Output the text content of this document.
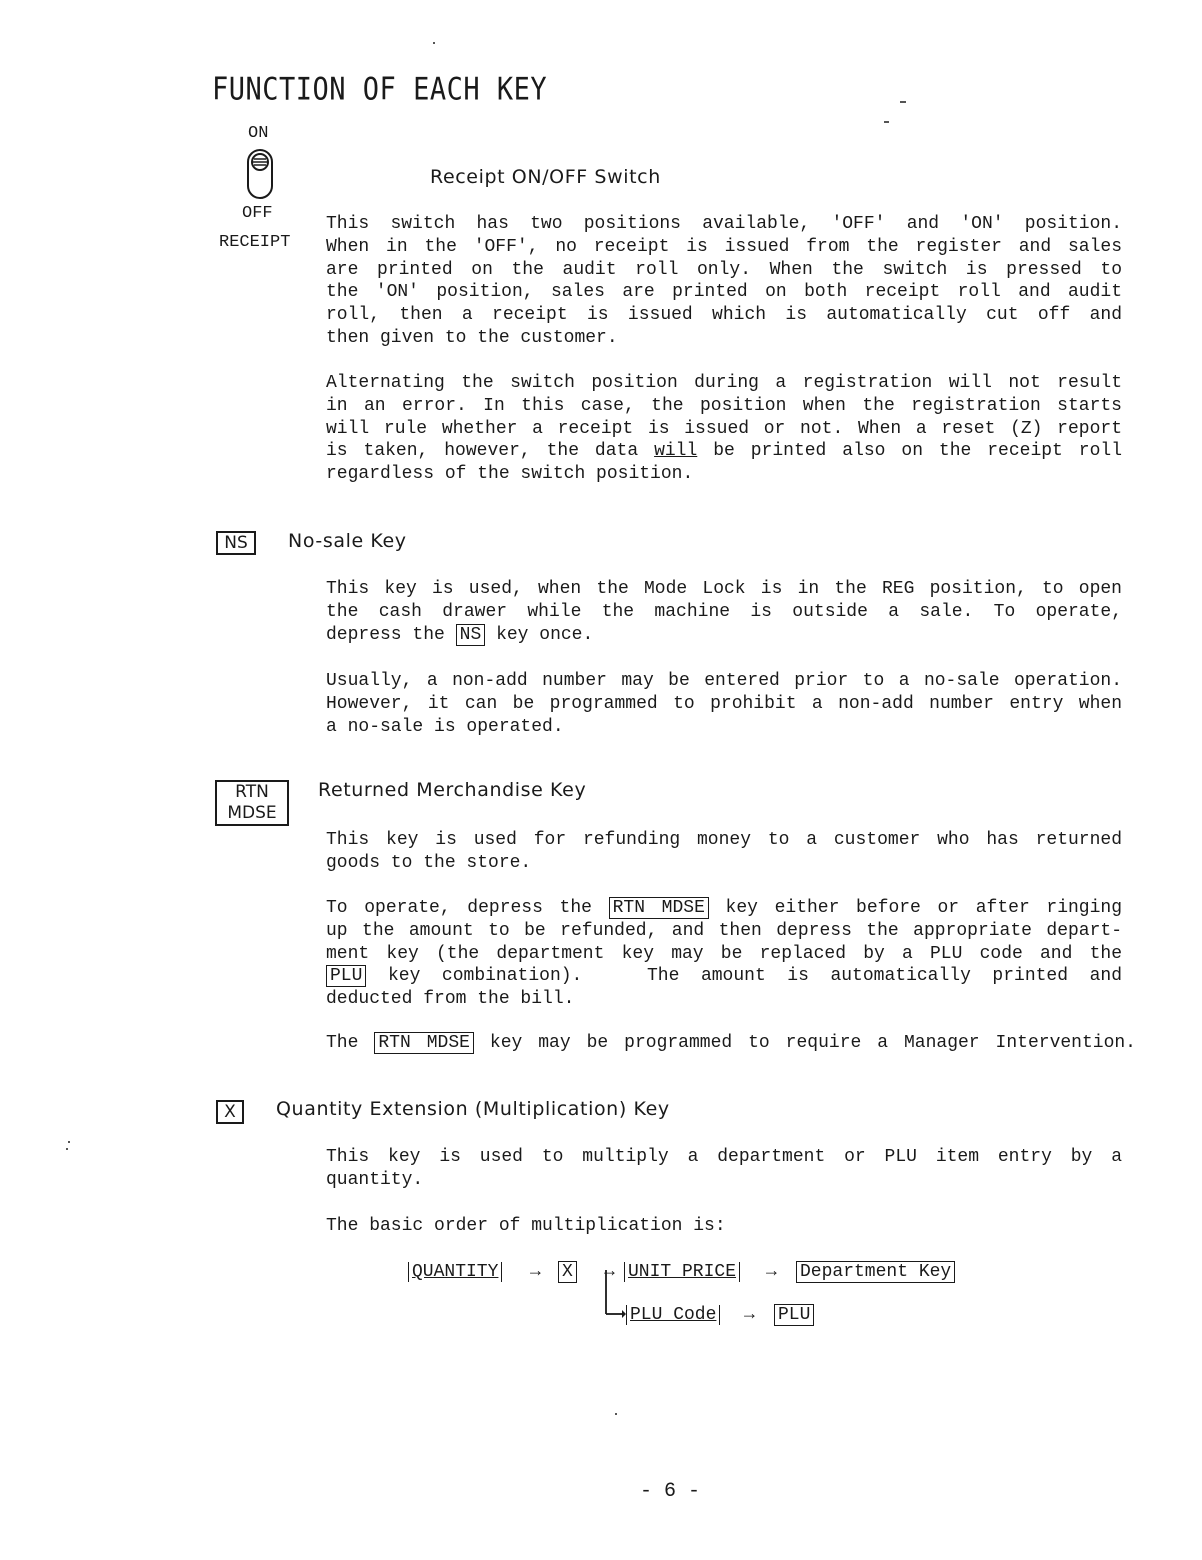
FUNCTION OF EACH KEY
ON
OFF
RECEIPT
Receipt ON/OFF Switch
This switch has two positions available, 'OFF' and 'ON' position.
When in the 'OFF', no receipt is issued from the register and sales
are printed on the audit roll only. When the switch is pressed to
the 'ON' position, sales are printed on both receipt roll and audit
roll, then a receipt is issued which is automatically cut off and
then given to the customer.
Alternating the switch position during a registration will not result
in an error. In this case, the position when the registration starts
will rule whether a receipt is issued or not. When a reset (Z) report
is taken, however, the data will be printed also on the receipt roll
regardless of the switch position.
NS	No-sale Key
This key is used, when the Mode Lock is in the REG position, to open
the cash drawer while the machine is outside a sale. To operate,
depress the NS key once.
Usually, a non-add number may be entered prior to a no-sale operation.
However, it can be programmed to prohibit a non-add number entry when
a no-sale is operated.
RTN
MDSE
Returned Merchandise Key
This key is used for refunding money to a customer who has returned
goods to the store.
To operate, depress the RTN MDSE key either before or after ringing
up the amount to be refunded, and then depress the appropriate depart-
ment key (the department key may be replaced by a PLU code and the
PLU key combination).   The amount is automatically printed and
deducted from the bill.
The RTN MDSE key may be programmed to require a Manager Intervention.
X	Quantity Extension (Multiplication) Key
This key is used to multiply a department or PLU item entry by a
quantity.
The basic order of multiplication is:
QUANTITY → X → UNIT PRICE → Department Key
PLU Code → PLU
- 6 -
